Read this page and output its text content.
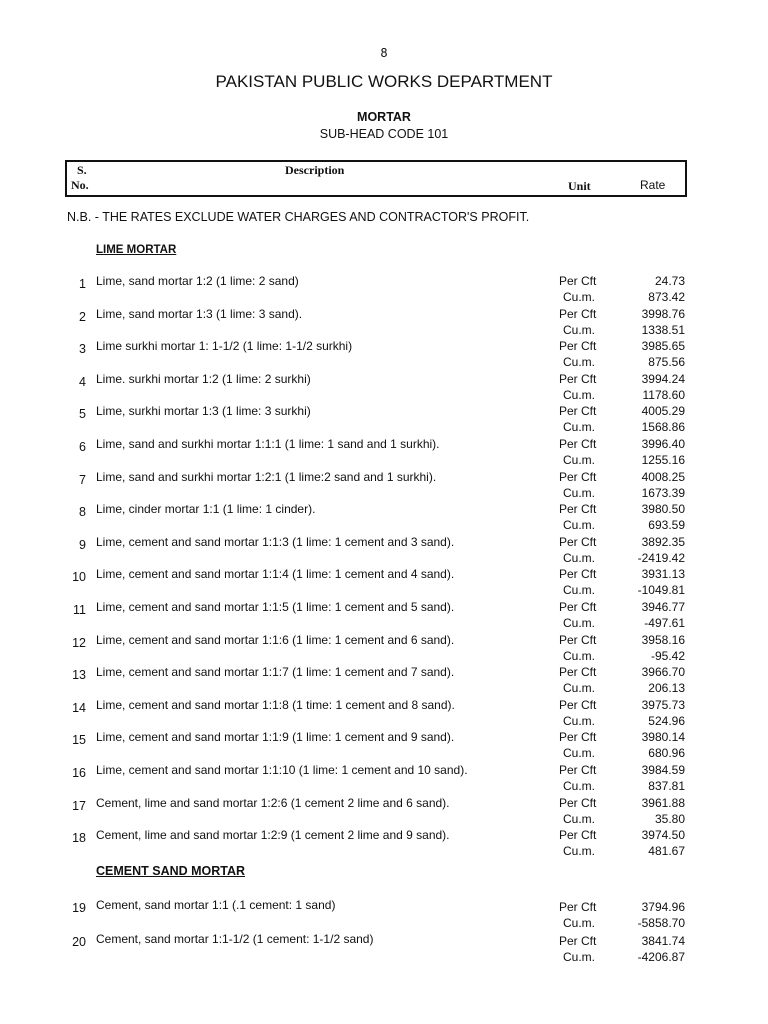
8
PAKISTAN PUBLIC WORKS DEPARTMENT
MORTAR
SUB-HEAD CODE 101
S.
No.
Description
Unit	Rate
N.B. - THE RATES EXCLUDE WATER CHARGES AND CONTRACTOR'S PROFIT.
LIME MORTAR
CEMENT SAND MORTAR
1 Lime, sand mortar 1:2 (1 lime: 2 sand)	Per Cft	24.73
Cu.m.	873.42
2 Lime, sand mortar 1:3 (1 lime: 3 sand).	Per Cft	3998.76
Cu.m.	1338.51
3 Lime surkhi mortar 1: 1-1/2 (1 lime: 1-1/2 surkhi)	Per Cft	3985.65
Cu.m.	875.56
4 Lime. surkhi mortar 1:2 (1 lime: 2 surkhi)	Per Cft	3994.24
Cu.m.	1178.60
5 Lime, surkhi mortar 1:3 (1 lime: 3 surkhi)	Per Cft	4005.29
Cu.m.	1568.86
6 Lime, sand and surkhi mortar 1:1:1 (1 lime: 1 sand and 1 surkhi).	Per Cft	3996.40
Cu.m.	1255.16
7 Lime, sand and surkhi mortar 1:2:1 (1 lime:2 sand and 1 surkhi).	Per Cft	4008.25
Cu.m.	1673.39
8 Lime, cinder mortar 1:1 (1 lime: 1 cinder).	Per Cft	3980.50
Cu.m.	693.59
9 Lime, cement and sand mortar 1:1:3 (1 lime: 1 cement and 3 sand).	Per Cft	3892.35
Cu.m.	-2419.42
10 Lime, cement and sand mortar 1:1:4 (1 lime: 1 cement and 4 sand).	Per Cft	3931.13
Cu.m.	-1049.81
11 Lime, cement and sand mortar 1:1:5 (1 lime: 1 cement and 5 sand).	Per Cft	3946.77
Cu.m.	-497.61
12 Lime, cement and sand mortar 1:1:6 (1 lime: 1 cement and 6 sand).	Per Cft	3958.16
Cu.m.	-95.42
13 Lime, cement and sand mortar 1:1:7 (1 lime: 1 cement and 7 sand).	Per Cft	3966.70
Cu.m.	206.13
14 Lime, cement and sand mortar 1:1:8 (1 time: 1 cement and 8 sand).	Per Cft	3975.73
Cu.m.	524.96
15 Lime, cement and sand mortar 1:1:9 (1 lime: 1 cement and 9 sand).	Per Cft	3980.14
Cu.m.	680.96
16 Lime, cement and sand mortar 1:1:10 (1 lime: 1 cement and 10 sand).	Per Cft	3984.59
Cu.m.	837.81
17 Cement, lime and sand mortar 1:2:6 (1 cement 2 lime and 6 sand).	Per Cft	3961.88
Cu.m.	35.80
18 Cement, lime and sand mortar 1:2:9 (1 cement 2 lime and 9 sand).	Per Cft	3974.50
Cu.m.	481.67
19 Cement, sand mortar 1:1 (.1 cement: 1 sand)	Per Cft	3794.96
Cu.m.	-5858.70
20 Cement, sand mortar 1:1-1/2 (1 cement: 1-1/2 sand)	Per Cft	3841.74
Cu.m.	-4206.87
